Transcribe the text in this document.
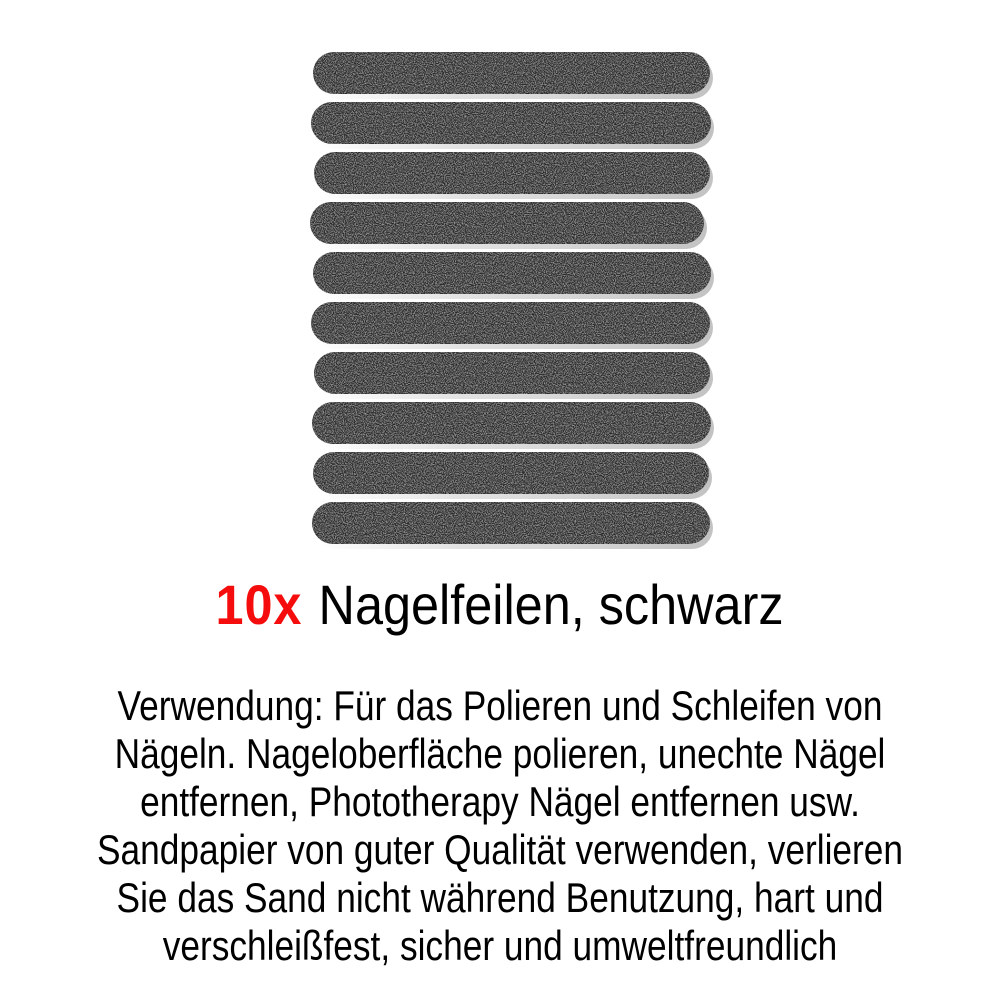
10x Nagelfeilen, schwarz
Verwendung: Für das Polieren und Schleifen von
Nägeln. Nageloberfläche polieren, unechte Nägel
entfernen, Phototherapy Nägel entfernen usw.
Sandpapier von guter Qualität verwenden, verlieren
Sie das Sand nicht während Benutzung, hart und
verschleißfest, sicher und umweltfreundlich
